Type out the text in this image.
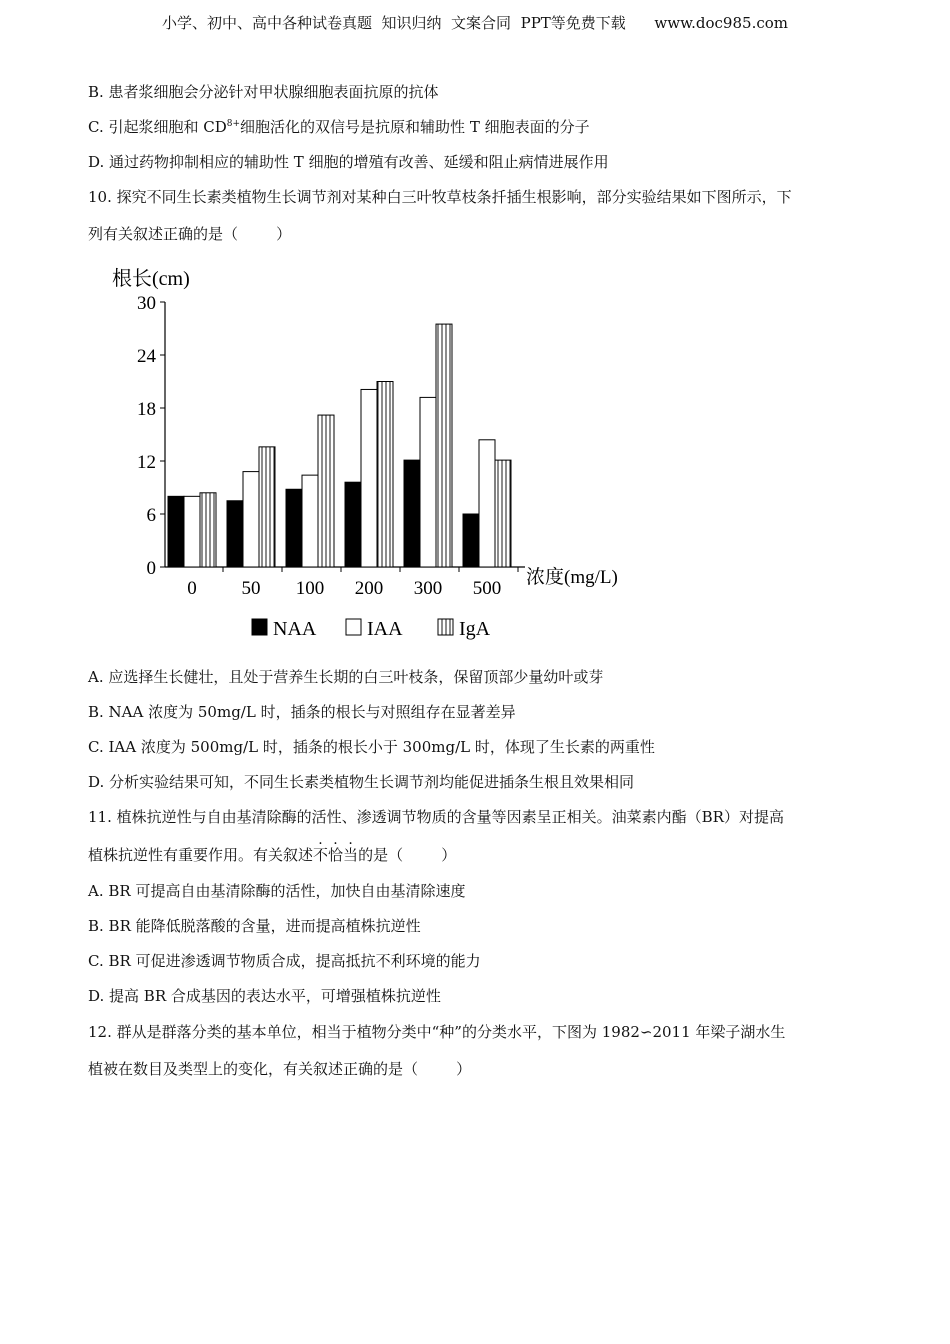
小学、初中、高中各种试卷真题  知识归纳  文案合同  PPT等免费下载      www.doc985.com
B. 患者浆细胞会分泌针对甲状腺细胞表面抗原的抗体
C. 引起浆细胞和 $CD^{8+}$细胞活化的双信号是抗原和辅助性 T 细胞表面的分子
D. 通过药物抑制相应的辅助性 T 细胞的增殖有改善、延缓和阻止病情进展作用
10. 探究不同生长素类植物生长调节剂对某种白三叶牧草枝条扦插生根影响，部分实验结果如下图所示，下
列有关叙述正确的是（        ）
0
6
12
18
24
30
根长(cm)
0 50 100 200 300 500
浓度(mg/L)
NAA	IAA	IgA
A. 应选择生长健壮，且处于营养生长期的白三叶枝条，保留顶部少量幼叶或芽
B. NAA 浓度为 50mg/L 时，插条的根长与对照组存在显著差异
C. IAA 浓度为 500mg/L 时，插条的根长小于 300mg/L 时，体现了生长素的两重性
D. 分析实验结果可知，不同生长素类植物生长调节剂均能促进插条生根且效果相同
11. 植株抗逆性与自由基清除酶的活性、渗透调节物质的含量等因素呈正相关。油菜素内酯（BR）对提高
植株抗逆性有重要作用。有关叙述不恰当的是（        ）
A. BR 可提高自由基清除酶的活性，加快自由基清除速度
B. BR 能降低脱落酸的含量，进而提高植株抗逆性
C. BR 可促进渗透调节物质合成，提高抵抗不利环境的能力
D. 提高 BR 合成基因的表达水平，可增强植株抗逆性
12. 群从是群落分类的基本单位，相当于植物分类中“种”的分类水平，下图为 1982∽2011 年梁子湖水生
植被在数目及类型上的变化，有关叙述正确的是（        ）
